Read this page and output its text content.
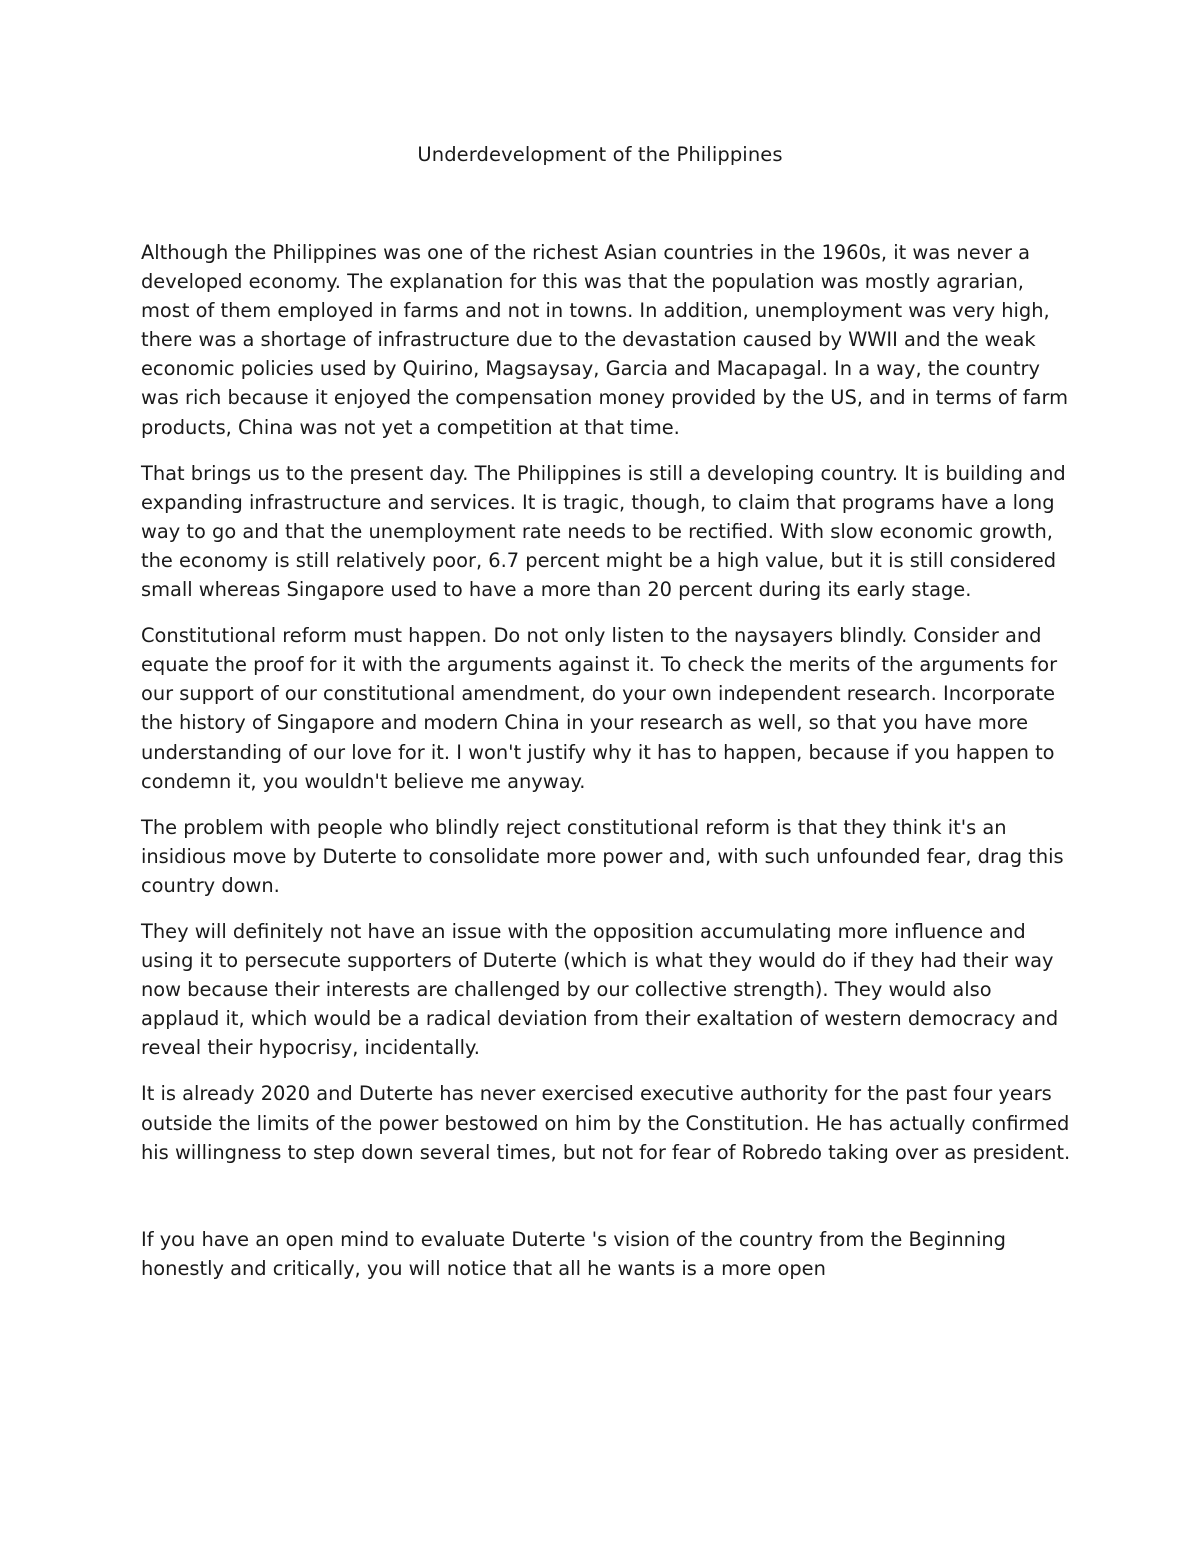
Underdevelopment of the Philippines

Although the Philippines was one of the richest Asian countries in the 1960s, it was never a developed economy. The explanation for this was that the population was mostly agrarian, most of them employed in farms and not in towns. In addition, unemployment was very high, there was a shortage of infrastructure due to the devastation caused by WWII and the weak economic policies used by Quirino, Magsaysay, Garcia and Macapagal. In a way, the country was rich because it enjoyed the compensation money provided by the US, and in terms of farm products, China was not yet a competition at that time.

That brings us to the present day. The Philippines is still a developing country. It is building and expanding infrastructure and services. It is tragic, though, to claim that programs have a long way to go and that the unemployment rate needs to be rectified. With slow economic growth, the economy is still relatively poor, 6.7 percent might be a high value, but it is still considered small whereas Singapore used to have a more than 20 percent during its early stage.

Constitutional reform must happen. Do not only listen to the naysayers blindly. Consider and equate the proof for it with the arguments against it. To check the merits of the arguments for our support of our constitutional amendment, do your own independent research. Incorporate the history of Singapore and modern China in your research as well, so that you have more understanding of our love for it. I won't justify why it has to happen, because if you happen to condemn it, you wouldn't believe me anyway.

The problem with people who blindly reject constitutional reform is that they think it's an insidious move by Duterte to consolidate more power and, with such unfounded fear, drag this country down.

They will definitely not have an issue with the opposition accumulating more influence and using it to persecute supporters of Duterte (which is what they would do if they had their way now because their interests are challenged by our collective strength). They would also applaud it, which would be a radical deviation from their exaltation of western democracy and reveal their hypocrisy, incidentally.

It is already 2020 and Duterte has never exercised executive authority for the past four years outside the limits of the power bestowed on him by the Constitution. He has actually confirmed his willingness to step down several times, but not for fear of Robredo taking over as president.

If you have an open mind to evaluate Duterte 's vision of the country from the Beginning honestly and critically, you will notice that all he wants is a more open
